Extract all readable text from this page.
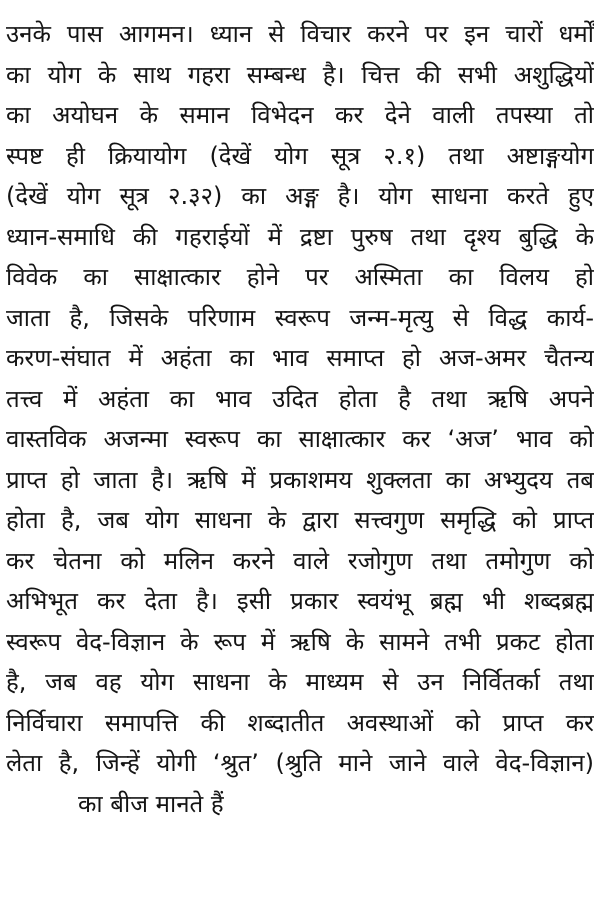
उनके पास आगमन। ध्यान से विचार करने पर इन चारों धर्मों
का योग के साथ गहरा सम्बन्ध है। चित्त की सभी अशुद्धियों
का अयोघन के समान विभेदन कर देने वाली तपस्या तो
स्पष्ट ही क्रियायोग (देखें योग सूत्र २.१) तथा अष्टाङ्गयोग
(देखें योग सूत्र २.३२) का अङ्ग है। योग साधना करते हुए
ध्यान-समाधि की गहराईयों में द्रष्टा पुरुष तथा दृश्य बुद्धि के
विवेक का साक्षात्कार होने पर अस्मिता का विलय हो
जाता है, जिसके परिणाम स्वरूप जन्म-मृत्यु से विद्ध कार्य-
करण-संघात में अहंता का भाव समाप्त हो अज-अमर चैतन्य
तत्त्व में अहंता का भाव उदित होता है तथा ऋषि अपने
वास्तविक अजन्मा स्वरूप का साक्षात्कार कर ‘अज’ भाव को
प्राप्त हो जाता है। ऋषि में प्रकाशमय शुक्लता का अभ्युदय तब
होता है, जब योग साधना के द्वारा सत्त्वगुण समृद्धि को प्राप्त
कर चेतना को मलिन करने वाले रजोगुण तथा तमोगुण को
अभिभूत कर देता है। इसी प्रकार स्वयंभू ब्रह्म भी शब्दब्रह्म
स्वरूप वेद-विज्ञान के रूप में ऋषि के सामने तभी प्रकट होता
है, जब वह योग साधना के माध्यम से उन निर्वितर्का तथा
निर्विचारा समापत्ति की शब्दातीत अवस्थाओं को प्राप्त कर
लेता है, जिन्हें योगी ‘श्रुत’ (श्रुति माने जाने वाले वेद-विज्ञान)
का बीज मानते हैं
